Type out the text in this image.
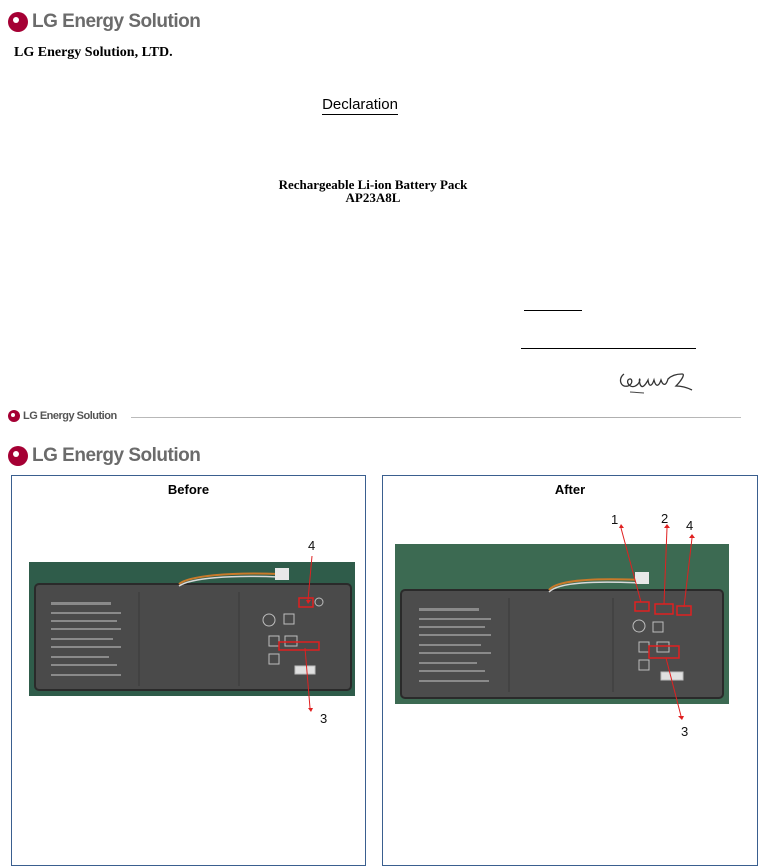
LG Energy Solution
LG Energy Solution, LTD.
Declaration
Rechargeable Li-ion Battery Pack
AP23A8L
LG Energy Solution
LG Energy Solution
Before
4
3
After
1	2 4
3
